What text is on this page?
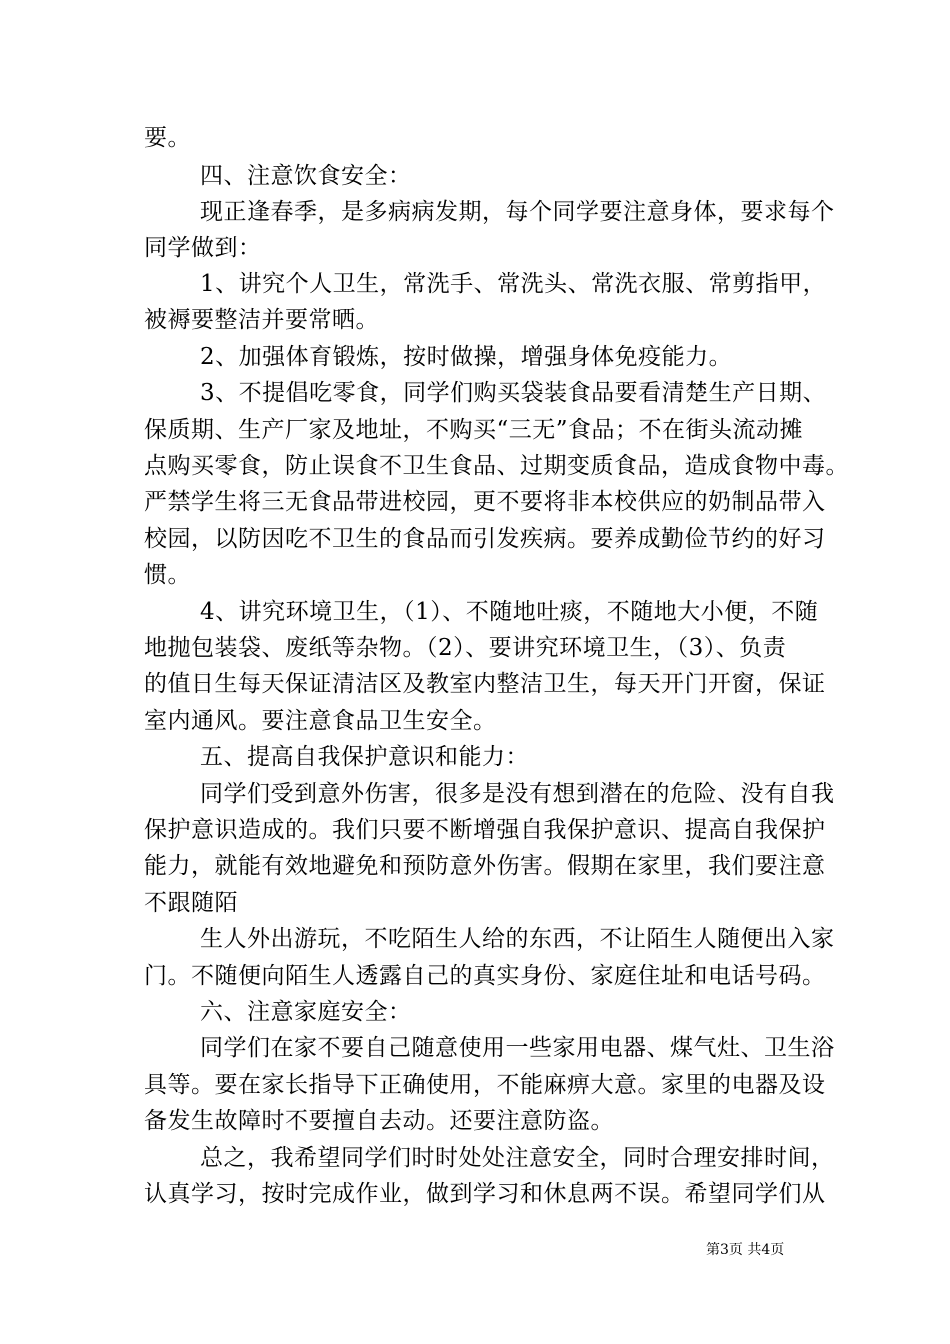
要。
四、注意饮食安全：
现正逢春季，是多病病发期，每个同学要注意身体，要求每个
同学做到：
1、讲究个人卫生，常洗手、常洗头、常洗衣服、常剪指甲，
被褥要整洁并要常晒。
2、加强体育锻炼，按时做操，增强身体免疫能力。
3、不提倡吃零食，同学们购买袋装食品要看清楚生产日期、
保质期、生产厂家及地址，不购买“三无”食品；不在街头流动摊
点购买零食，防止误食不卫生食品、过期变质食品，造成食物中毒。
严禁学生将三无食品带进校园，更不要将非本校供应的奶制品带入
校园，以防因吃不卫生的食品而引发疾病。要养成勤俭节约的好习
惯。
4、讲究环境卫生，（1）、不随地吐痰，不随地大小便，不随
地抛包装袋、废纸等杂物。（2）、要讲究环境卫生，（3）、负责
的值日生每天保证清洁区及教室内整洁卫生，每天开门开窗，保证
室内通风。要注意食品卫生安全。
五、提高自我保护意识和能力：
同学们受到意外伤害，很多是没有想到潜在的危险、没有自我
保护意识造成的。我们只要不断增强自我保护意识、提高自我保护
能力，就能有效地避免和预防意外伤害。假期在家里，我们要注意
不跟随陌
生人外出游玩，不吃陌生人给的东西，不让陌生人随便出入家
门。不随便向陌生人透露自己的真实身份、家庭住址和电话号码。
六、注意家庭安全：
同学们在家不要自己随意使用一些家用电器、煤气灶、卫生浴
具等。要在家长指导下正确使用，不能麻痹大意。家里的电器及设
备发生故障时不要擅自去动。还要注意防盗。
总之，我希望同学们时时处处注意安全，同时合理安排时间，
认真学习，按时完成作业，做到学习和休息两不误。希望同学们从
第3页 共4页
